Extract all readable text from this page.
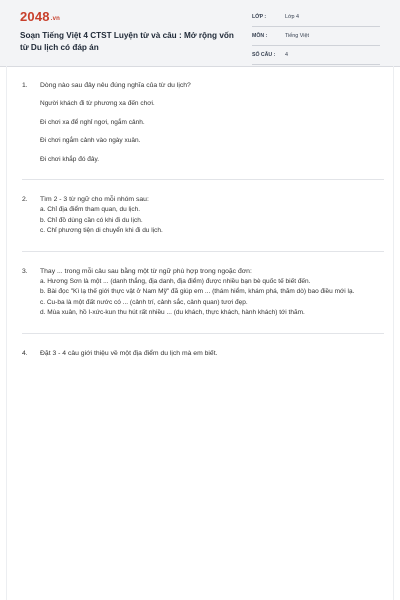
2048.vn
Soạn Tiếng Việt 4 CTST Luyện từ và câu : Mở rộng vốn từ Du lịch có đáp án
LỚP :	Lớp 4
MÔN :	Tiếng Việt
SỐ CÂU : 4
1. Dòng nào sau đây nêu đúng nghĩa của từ du lịch?
Người khách đi từ phương xa đến chơi.
Đi chơi xa để nghỉ ngơi, ngắm cảnh.
Đi chơi ngắm cảnh vào ngày xuân.
Đi chơi khắp đó đây.
2. Tìm 2 - 3 từ ngữ cho mỗi nhóm sau:
a. Chỉ địa điểm tham quan, du lịch.
b. Chỉ đồ dùng cần có khi đi du lịch.
c. Chỉ phương tiện di chuyển khi đi du lịch.
3. Thay ... trong mỗi câu sau bằng một từ ngữ phù hợp trong ngoặc đơn:
a. Hương Sơn là một ... (danh thắng, địa danh, địa điểm) được nhiều bạn bè quốc tế biết đến.
b. Bài đọc "Kì lạ thế giới thực vật ở Nam Mỹ" đã giúp em ... (thám hiểm, khám phá, thăm dò) bao điều mới lạ.
c. Cu-ba là một đất nước có ... (cảnh trí, cảnh sắc, cảnh quan) tươi đẹp.
d. Mùa xuân, hồ I-xức-kun thu hút rất nhiều ... (du khách, thực khách, hành khách) tới thăm.
4. Đặt 3 - 4 câu giới thiệu về một địa điểm du lịch mà em biết.
